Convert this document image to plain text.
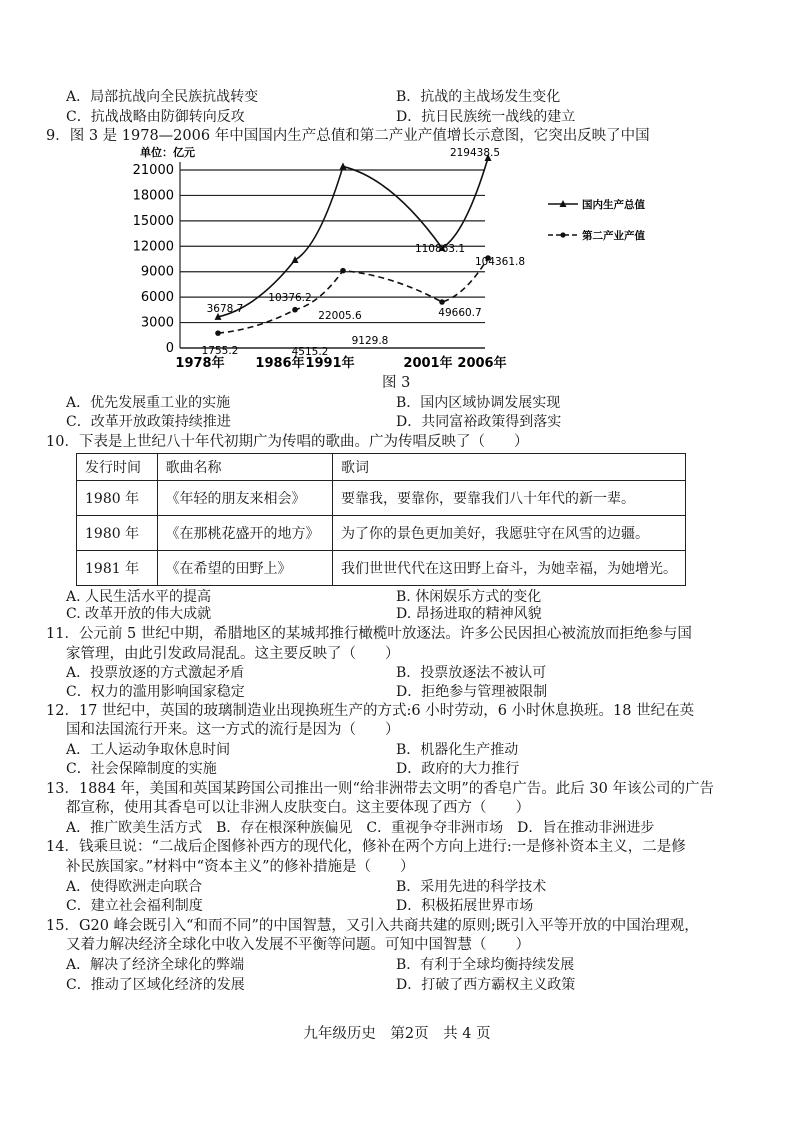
A．局部抗战向全民族抗战转变	B．抗战的主战场发生变化
C．抗战战略由防御转向反攻	D．抗日民族统一战线的建立
9．图 3 是 1978—2006 年中国国内生产总值和第二产业产值增长示意图，它突出反映了中国
0
3000
6000
9000
12000
15000
18000
21000
1978年 1986年 1991年	2001年 2006年
3678.7
10376.2
22005.6
110863.1
219438.5
1755.2	4515.2
9129.8
49660.7
104361.8
国内生产总值
第二产业产值
单位：亿元
图 3
A．优先发展重工业的实施	B．国内区域协调发展实现
C．改革开放政策持续推进	D．共同富裕政策得到落实
10．下表是上世纪八十年代初期广为传唱的歌曲。广为传唱反映了（　　）
发行时间	歌曲名称	歌词
1980 年	《年轻的朋友来相会》	要靠我，要靠你，要靠我们八十年代的新一辈。
1980 年	《在那桃花盛开的地方》	为了你的景色更加美好，我愿驻守在风雪的边疆。
1981 年	《在希望的田野上》	我们世世代代在这田野上奋斗，为她幸福，为她增光。
A. 人民生活水平的提高	B. 休闲娱乐方式的变化
C. 改革开放的伟大成就	D. 昂扬进取的精神风貌
11．公元前 5 世纪中期，希腊地区的某城邦推行橄榄叶放逐法。许多公民因担心被流放而拒绝参与国
家管理，由此引发政局混乱。这主要反映了（　　）
A．投票放逐的方式激起矛盾	B．投票放逐法不被认可
C．权力的滥用影响国家稳定	D．拒绝参与管理被限制
12．17 世纪中，英国的玻璃制造业出现换班生产的方式:6 小时劳动，6 小时休息换班。18 世纪在英
国和法国流行开来。这一方式的流行是因为（　　）
A．工人运动争取休息时间	B．机器化生产推动
C．社会保障制度的实施	D．政府的大力推行
13．1884 年，美国和英国某跨国公司推出一则“给非洲带去文明”的香皂广告。此后 30 年该公司的广告
都宣称，使用其香皂可以让非洲人皮肤变白。这主要体现了西方（　　）
A．推广欧美生活方式　B．存在根深种族偏见　C．重视争夺非洲市场　D．旨在推动非洲进步
14．钱乘旦说：“二战后企图修补西方的现代化，修补在两个方向上进行:一是修补资本主义，二是修
补民族国家。”材料中“资本主义”的修补措施是（　　）
A．使得欧洲走向联合	B．采用先进的科学技术
C．建立社会福利制度	D．积极拓展世界市场
15．G20 峰会既引入“和而不同”的中国智慧，又引入共商共建的原则;既引入平等开放的中国治理观，
又着力解决经济全球化中收入发展不平衡等问题。可知中国智慧（　　）
A．解决了经济全球化的弊端	B．有利于全球均衡持续发展
C．推动了区域化经济的发展	D．打破了西方霸权主义政策
九年级历史　第2页　共 4 页
